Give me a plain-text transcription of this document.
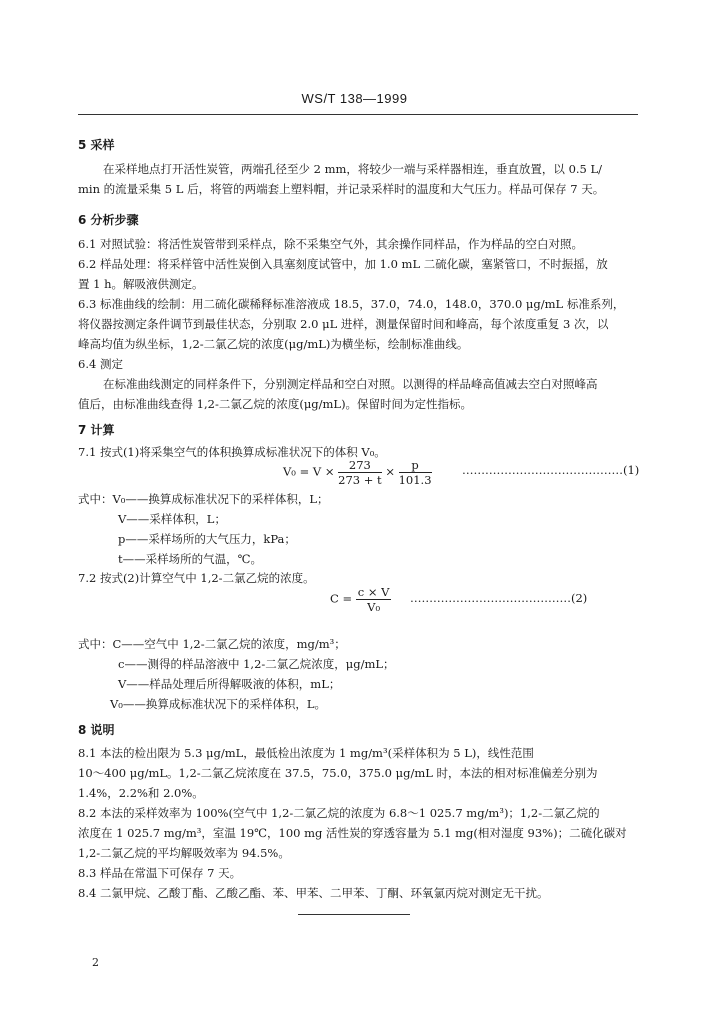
WS/T 138—1999
5 采样
在采样地点打开活性炭管，两端孔径至少 2 mm，将较少一端与采样器相连，垂直放置，以 0.5 L/
min 的流量采集 5 L 后，将管的两端套上塑料帽，并记录采样时的温度和大气压力。样品可保存 7 天。
6 分析步骤
6.1 对照试验：将活性炭管带到采样点，除不采集空气外，其余操作同样品，作为样品的空白对照。
6.2 样品处理：将采样管中活性炭倒入具塞刻度试管中，加 1.0 mL 二硫化碳，塞紧管口，不时振摇，放
置 1 h。解吸液供测定。
6.3 标准曲线的绘制：用二硫化碳稀释标准溶液成 18.5，37.0，74.0，148.0，370.0 μg/mL 标准系列，
将仪器按测定条件调节到最佳状态，分别取 2.0 μL 进样，测量保留时间和峰高，每个浓度重复 3 次，以
峰高均值为纵坐标，1,2-二氯乙烷的浓度(μg/mL)为横坐标，绘制标准曲线。
6.4 测定
在标准曲线测定的同样条件下，分别测定样品和空白对照。以测得的样品峰高值减去空白对照峰高
值后，由标准曲线查得 1,2-二氯乙烷的浓度(μg/mL)。保留时间为定性指标。
7 计算
7.1 按式(1)将采集空气的体积换算成标准状况下的体积 V₀。
$V_0 = V \times \frac{273}{273 + t} \times \frac{p}{101.3}$	……………………………………(1)
式中：V₀——换算成标准状况下的采样体积，L；
V——采样体积，L；
p——采样场所的大气压力，kPa；
t——采样场所的气温，℃。
7.2 按式(2)计算空气中 1,2-二氯乙烷的浓度。
$C = \frac{c \times V}{\text{V₀}}$ ……………………………………(2)
式中：C——空气中 1,2-二氯乙烷的浓度，mg/m³；
c——测得的样品溶液中 1,2-二氯乙烷浓度，μg/mL；
V——样品处理后所得解吸液的体积，mL；
V₀——换算成标准状况下的采样体积，L。
8 说明
8.1 本法的检出限为 5.3 μg/mL，最低检出浓度为 1 mg/m³(采样体积为 5 L)，线性范围
10～400 μg/mL。1,2-二氯乙烷浓度在 37.5，75.0，375.0 μg/mL 时，本法的相对标准偏差分别为
1.4%，2.2%和 2.0%。
8.2 本法的采样效率为 100%(空气中 1,2-二氯乙烷的浓度为 6.8～1 025.7 mg/m³)；1,2-二氯乙烷的
浓度在 1 025.7 mg/m³，室温 19℃，100 mg 活性炭的穿透容量为 5.1 mg(相对湿度 93%)；二硫化碳对
1,2-二氯乙烷的平均解吸效率为 94.5%。
8.3 样品在常温下可保存 7 天。
8.4 二氯甲烷、乙酸丁酯、乙酸乙酯、苯、甲苯、二甲苯、丁酮、环氧氯丙烷对测定无干扰。
2
